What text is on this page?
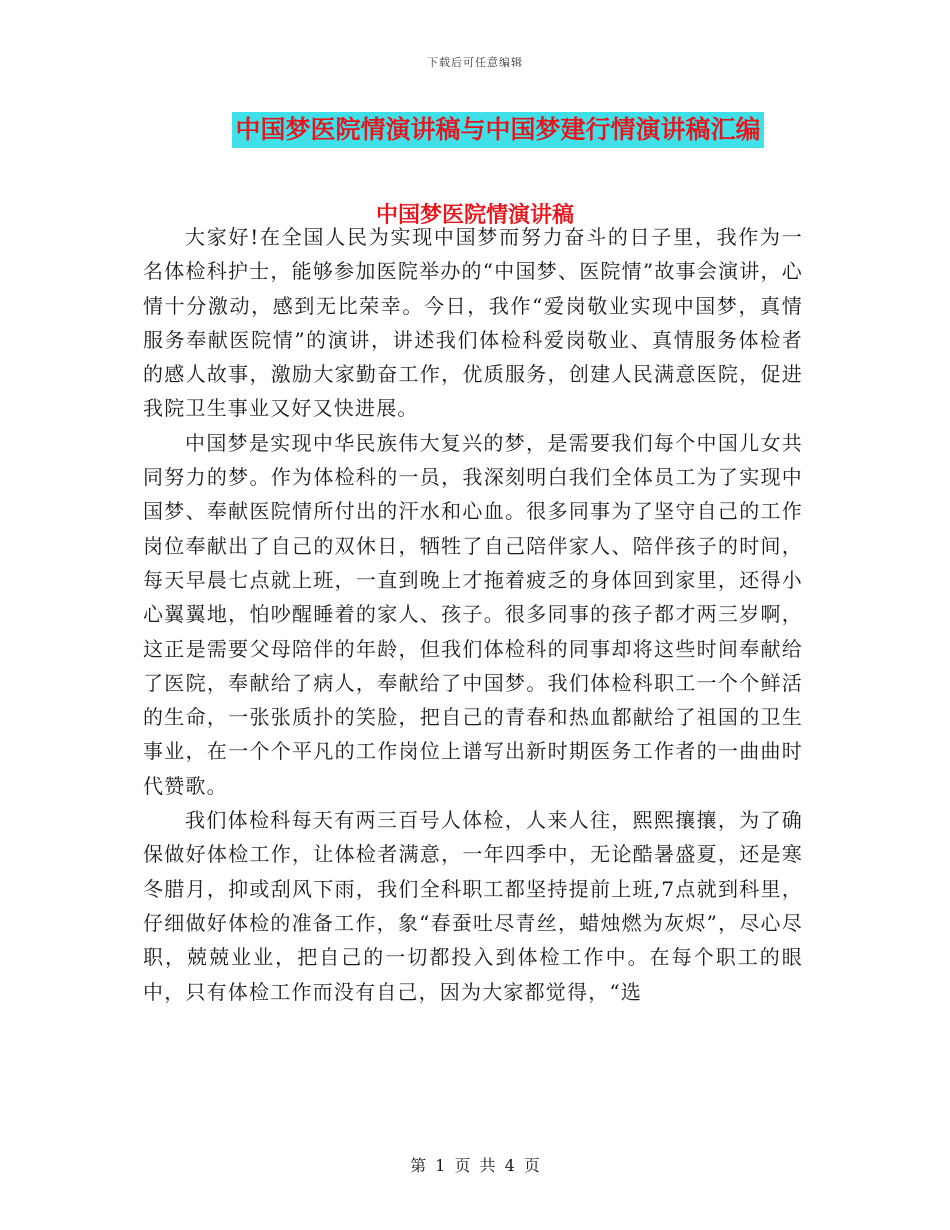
下载后可任意编辑
中国梦医院情演讲稿与中国梦建行情演讲稿汇编
中国梦医院情演讲稿

大家好!在全国人民为实现中国梦而努力奋斗的日子里，我作为一名体检科护士，能够参加医院举办的“中国梦、医院情”故事会演讲，心情十分激动，感到无比荣幸。今日，我作“爱岗敬业实现中国梦，真情服务奉献医院情”的演讲，讲述我们体检科爱岗敬业、真情服务体检者的感人故事，激励大家勤奋工作，优质服务，创建人民满意医院，促进我院卫生事业又好又快进展。

中国梦是实现中华民族伟大复兴的梦，是需要我们每个中国儿女共同努力的梦。作为体检科的一员，我深刻明白我们全体员工为了实现中国梦、奉献医院情所付出的汗水和心血。很多同事为了坚守自己的工作岗位奉献出了自己的双休日，牺牲了自己陪伴家人、陪伴孩子的时间，每天早晨七点就上班，一直到晚上才拖着疲乏的身体回到家里，还得小心翼翼地，怕吵醒睡着的家人、孩子。很多同事的孩子都才两三岁啊，这正是需要父母陪伴的年龄，但我们体检科的同事却将这些时间奉献给了医院，奉献给了病人，奉献给了中国梦。我们体检科职工一个个鲜活的生命，一张张质扑的笑脸，把自己的青春和热血都献给了祖国的卫生事业，在一个个平凡的工作岗位上谱写出新时期医务工作者的一曲曲时代赞歌。

我们体检科每天有两三百号人体检，人来人往，熙熙攘攘，为了确保做好体检工作，让体检者满意，一年四季中，无论酷暑盛夏，还是寒冬腊月，抑或刮风下雨，我们全科职工都坚持提前上班,7点就到科里，仔细做好体检的准备工作，象“春蚕吐尽青丝，蜡烛燃为灰烬”，尽心尽职，兢兢业业，把自己的一切都投入到体检工作中。在每个职工的眼中，只有体检工作而没有自己，因为大家都觉得，“选

第 1 页 共 4 页
